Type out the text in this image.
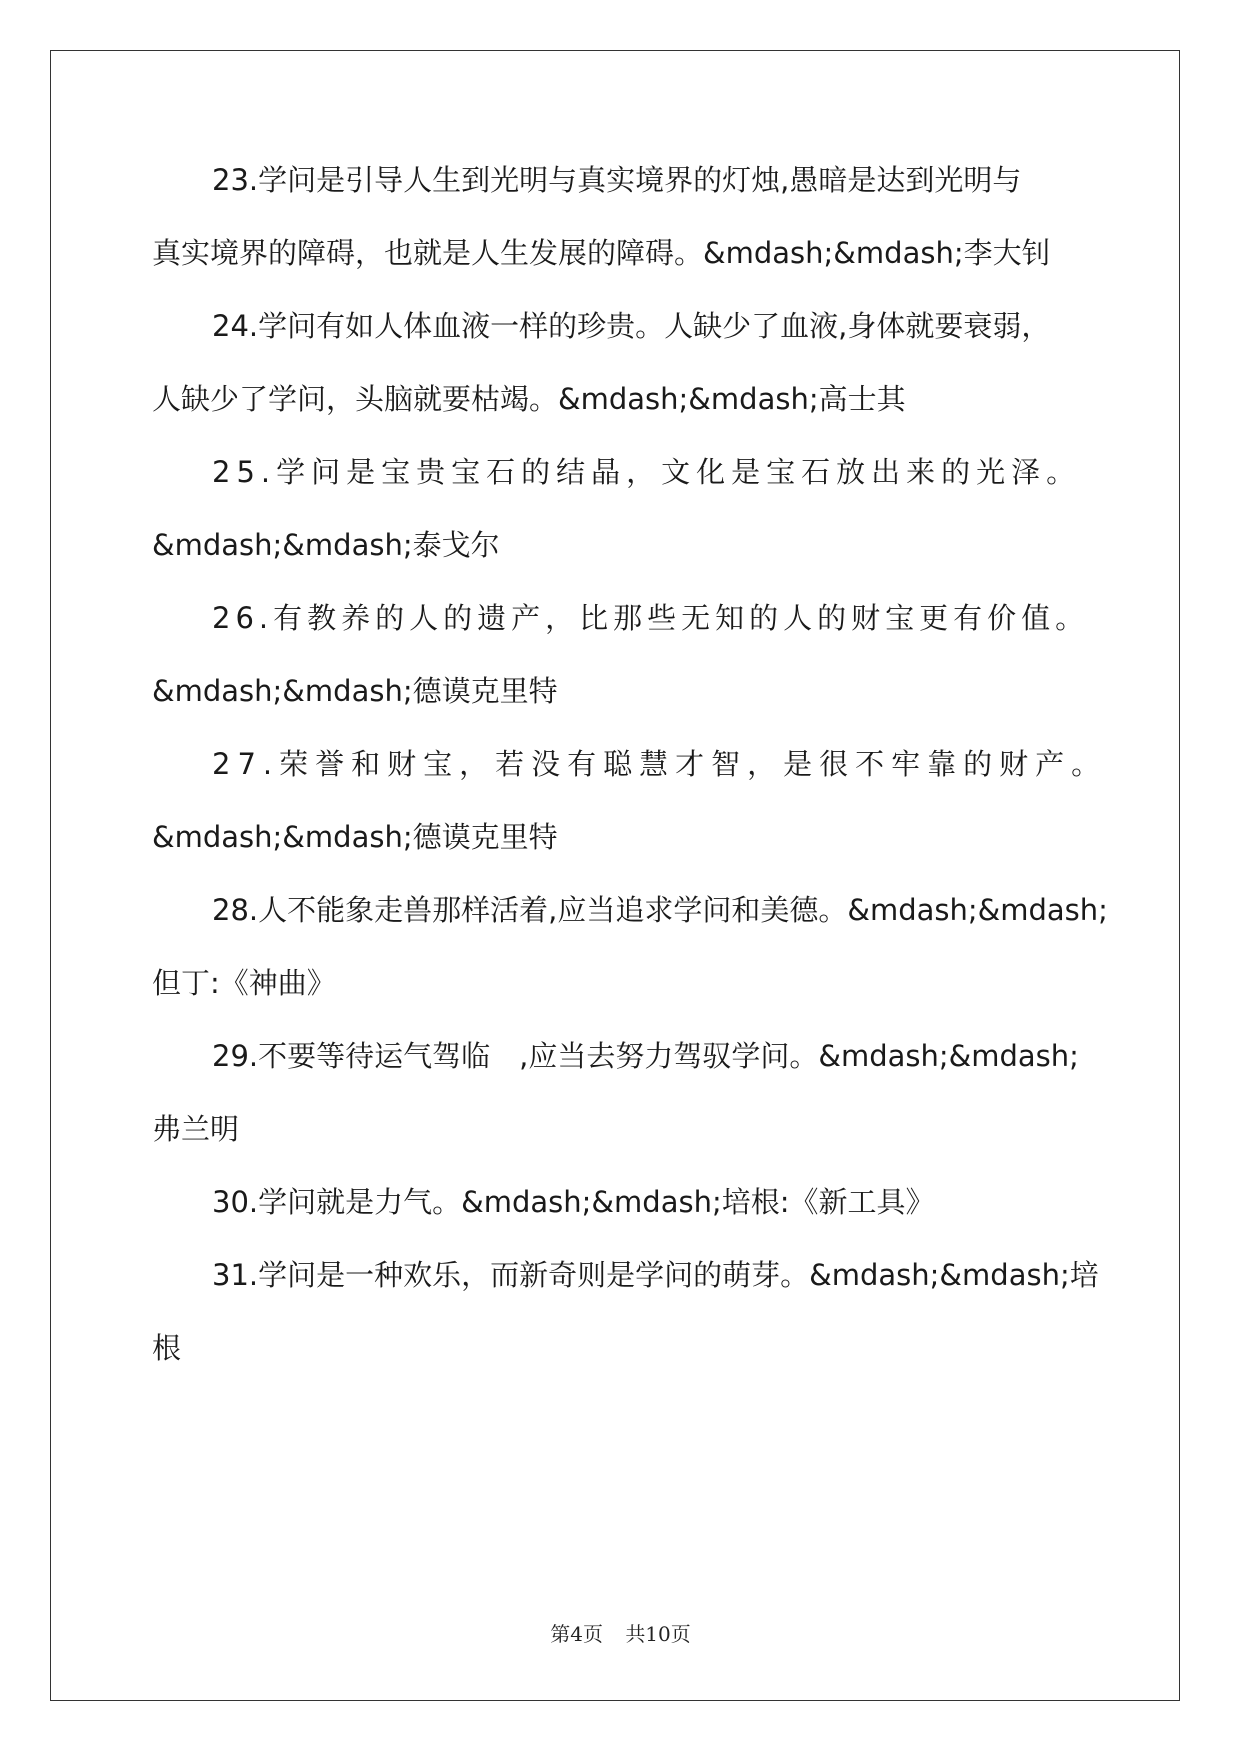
23.学问是引导人生到光明与真实境界的灯烛,愚暗是达到光明与
真实境界的障碍，也就是人生发展的障碍。&mdash;&mdash;李大钊
24.学问有如人体血液一样的珍贵。人缺少了血液,身体就要衰弱，
人缺少了学问，头脑就要枯竭。&mdash;&mdash;高士其
25.学问是宝贵宝石的结晶，文化是宝石放出来的光泽。
&mdash;&mdash;泰戈尔
26.有教养的人的遗产，比那些无知的人的财宝更有价值。
&mdash;&mdash;德谟克里特
27.荣誉和财宝，若没有聪慧才智，是很不牢靠的财产。
&mdash;&mdash;德谟克里特
28.人不能象走兽那样活着,应当追求学问和美德。&mdash;&mdash;
但丁:《神曲》
29.不要等待运气驾临　,应当去努力驾驭学问。&mdash;&mdash;
弗兰明
30.学问就是力气。&mdash;&mdash;培根:《新工具》
31.学问是一种欢乐，而新奇则是学问的萌芽。&mdash;&mdash;培
根
第4页 共10页
